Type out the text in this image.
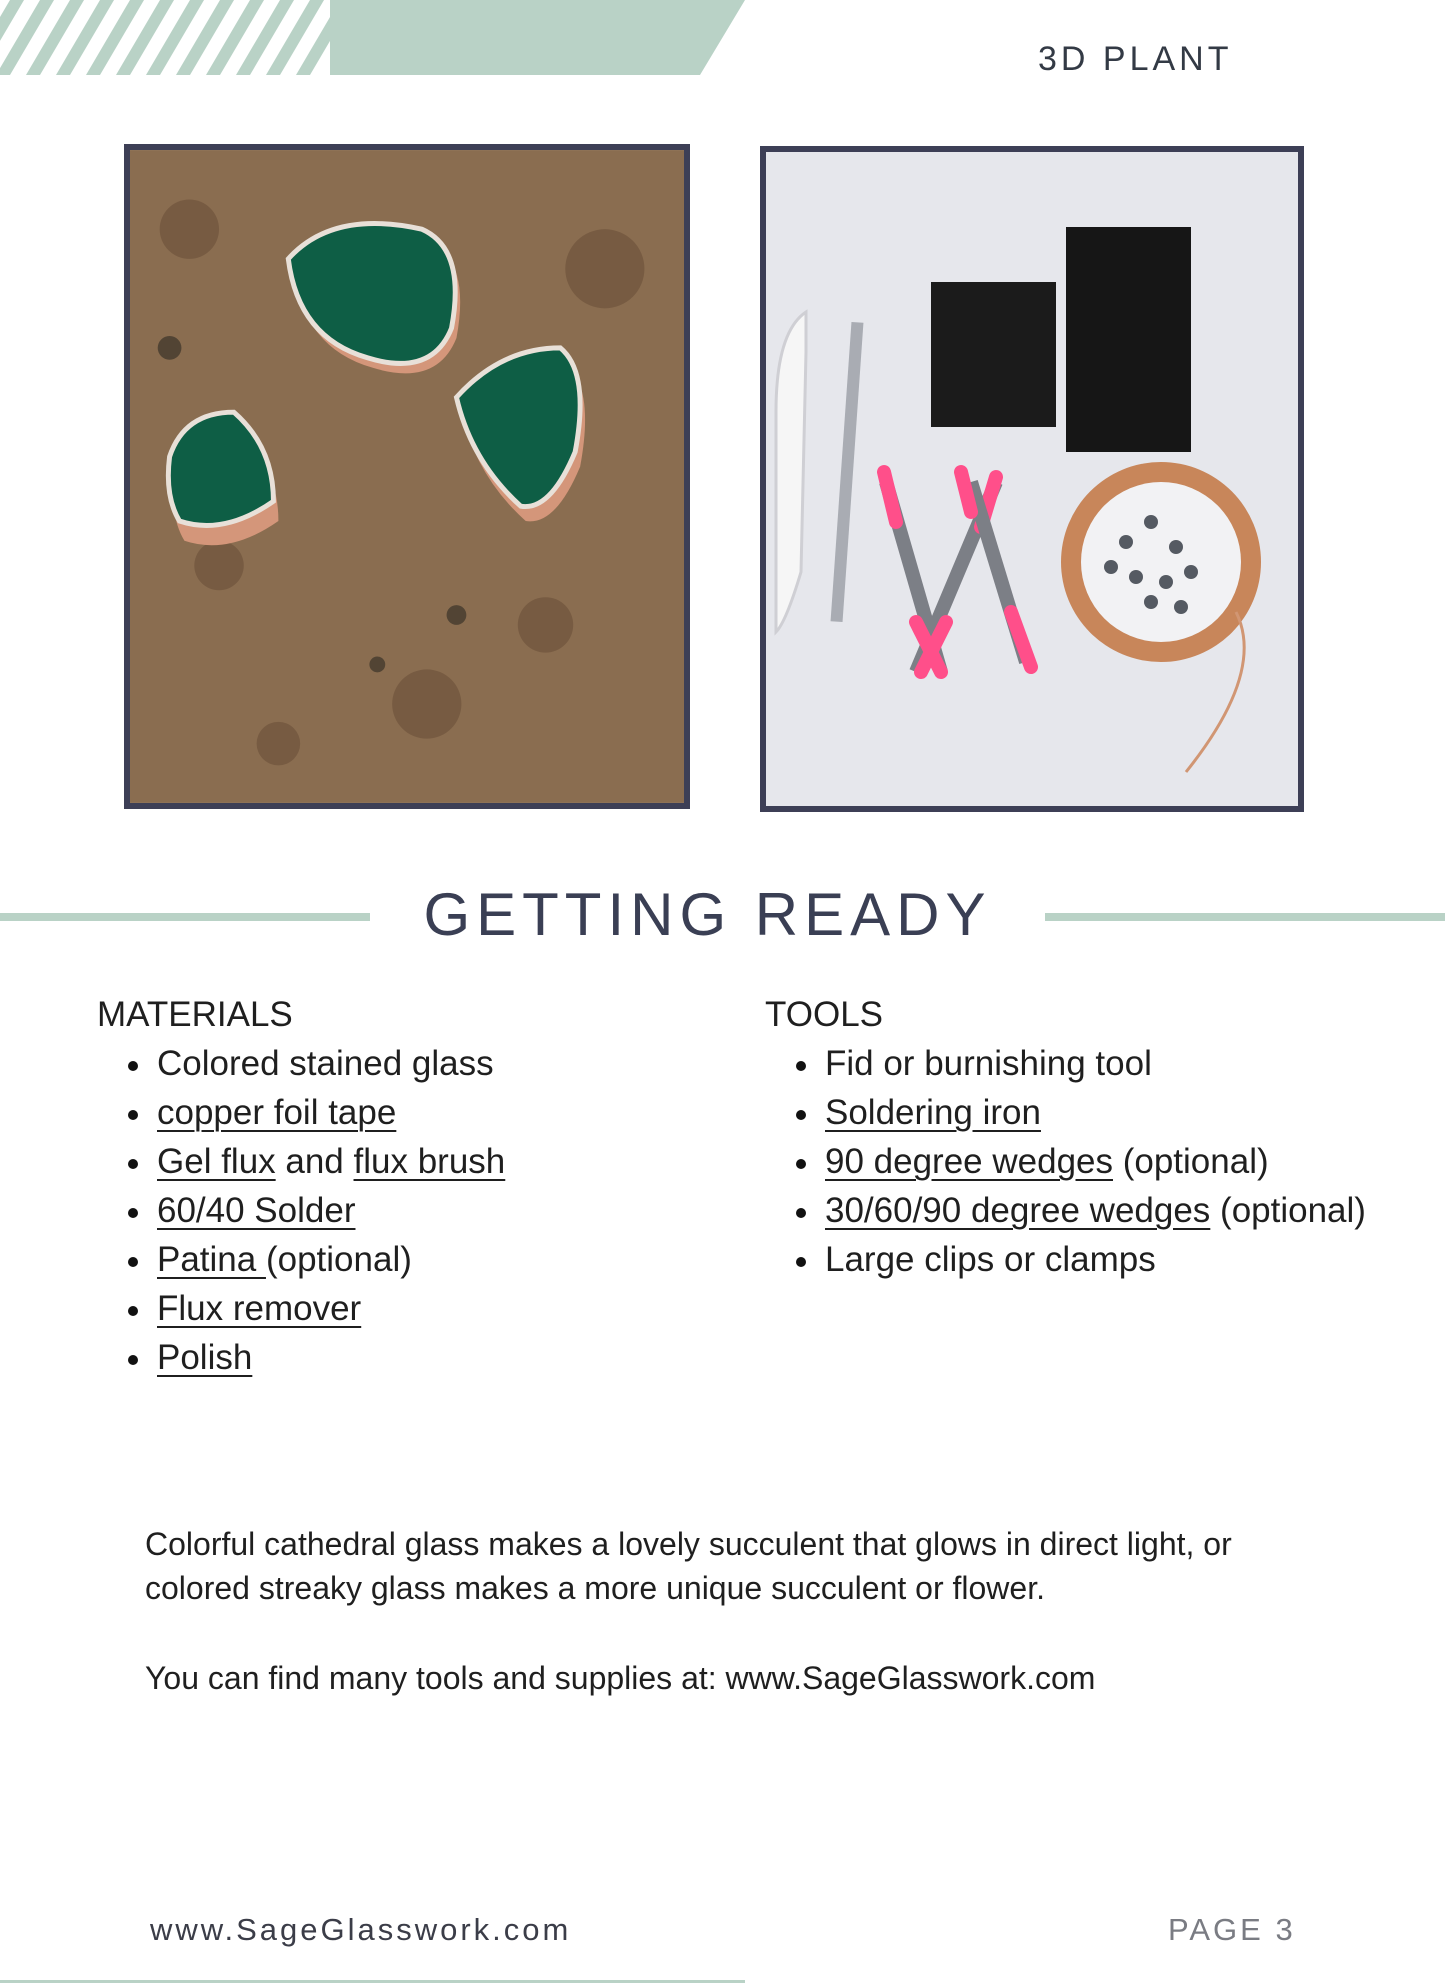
3D PLANT
GETTING READY
MATERIALS
Colored stained glass
copper foil tape
Gel flux and flux brush
60/40 Solder
Patina (optional)
Flux remover
Polish
TOOLS
Fid or burnishing tool
Soldering iron
90 degree wedges (optional)
30/60/90 degree wedges (optional)
Large clips or clamps

Colorful cathedral glass makes a lovely succulent that glows in direct light, or colored streaky glass makes a more unique succulent or flower.

You can find many tools and supplies at: www.SageGlasswork.com

www.SageGlasswork.com	PAGE 3
